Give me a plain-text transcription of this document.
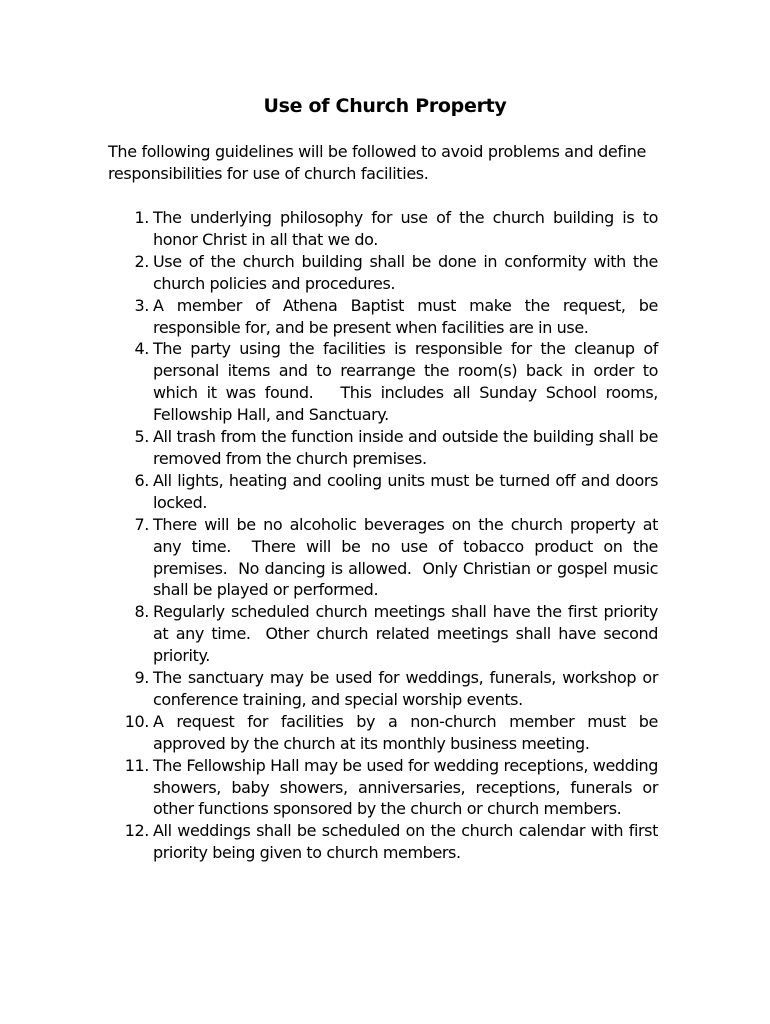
Use of Church Property

The following guidelines will be followed to avoid problems and define responsibilities for use of church facilities.

1. The underlying philosophy for use of the church building is to honor Christ in all that we do.
2. Use of the church building shall be done in conformity with the church policies and procedures.
3. A member of Athena Baptist must make the request, be responsible for, and be present when facilities are in use.
4. The party using the facilities is responsible for the cleanup of personal items and to rearrange the room(s) back in order to which it was found.   This includes all Sunday School rooms, Fellowship Hall, and Sanctuary.
5. All trash from the function inside and outside the building shall be removed from the church premises.
6. All lights, heating and cooling units must be turned off and doors locked.
7. There will be no alcoholic beverages on the church property at any time.  There will be no use of tobacco product on the premises.  No dancing is allowed.  Only Christian or gospel music shall be played or performed.
8. Regularly scheduled church meetings shall have the first priority at any time.  Other church related meetings shall have second priority.
9. The sanctuary may be used for weddings, funerals, workshop or conference training, and special worship events.
10. A request for facilities by a non-church member must be approved by the church at its monthly business meeting.
11. The Fellowship Hall may be used for wedding receptions, wedding showers, baby showers, anniversaries, receptions, funerals or other functions sponsored by the church or church members.
12. All weddings shall be scheduled on the church calendar with first priority being given to church members.
